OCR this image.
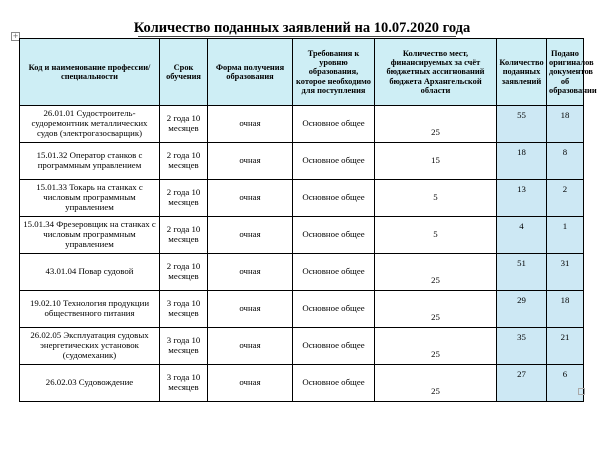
+	Количество поданных заявлений на 10.07.2020 года
Код и наименование профессии/ специальности	Срок обучения	Форма получения образования	Требования к уровню образования, которое необходимо для поступления	Количество мест, финансируемых за счёт бюджетных ассигнований бюджета Архангельской области	Количество поданных заявлений	Подано оригиналов документов об образовании
26.01.01 Судостроитель-судоремонтник металлических судов (электрогазосварщик)	2 года 10 месяцев	очная	Основное общее	25	55	18
15.01.32 Оператор станков с программным управлением	2 года 10 месяцев	очная	Основное общее	15	18	8
15.01.33 Токарь на станках с числовым программным управлением	2 года 10 месяцев	очная	Основное общее	5	13	2
15.01.34 Фрезеровщик на станках с числовым программным управлением	2 года 10 месяцев	очная	Основное общее	5	4	1
43.01.04 Повар судовой	2 года 10 месяцев	очная	Основное общее	25	51	31
19.02.10 Технология продукции общественного питания	3 года 10 месяцев	очная	Основное общее	25	29	18
26.02.05 Эксплуатация судовых энергетических установок (судомеханик)	3 года 10 месяцев	очная	Основное общее	25	35	21
26.02.03 Судовождение	3 года 10 месяцев	очная	Основное общее	25	27	6
